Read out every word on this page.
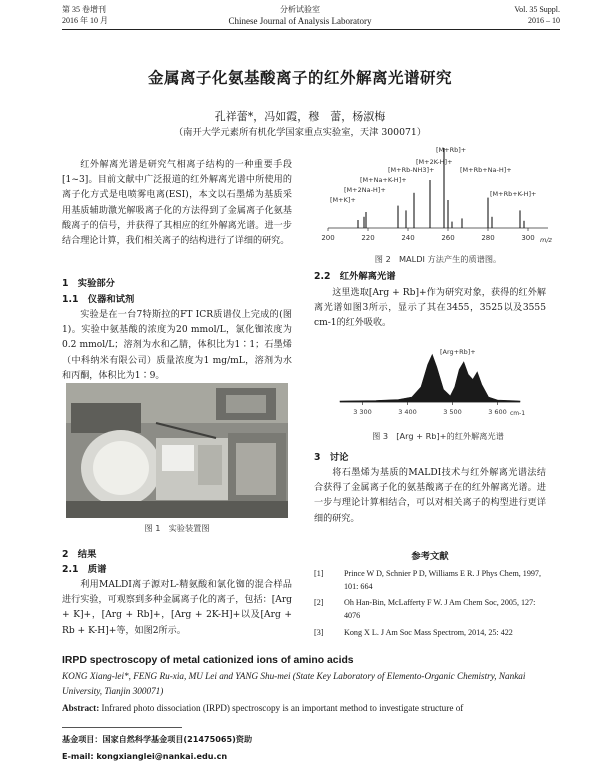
第 35 卷增刊
2016 年 10 月
分析试验室
Chinese Journal of Analysis Laboratory
Vol. 35 Suppl.
2016 – 10
金属离子化氨基酸离子的红外解离光谱研究
孔祥蕾*，冯如霞，穆　蕾，杨淑梅
（南开大学元素所有机化学国家重点实验室，天津 300071）
红外解离光谱是研究气相离子结构的一种重要手段[1~3]。目前文献中广泛报道的红外解离光谱中所使用的离子化方式是电喷雾电离(ESI)，本文以石墨烯为基质采用基质辅助激光解吸离子化的方法得到了金属离子化氨基酸离子的信号，并获得了其相应的红外解离光谱。进一步结合理论计算，我们相关离子的结构进行了详细的研究。
1　实验部分
1.1　仪器和试剂
实验是在一台7特斯拉的FT ICR质谱仪上完成的(图1)。实验中氨基酸的浓度为20 mmol/L，氯化铷浓度为0.2 mmol/L；溶剂为水和乙腈，体积比为1∶1；石墨烯（中科纳米有限公司）质量浓度为1 mg/mL，溶剂为水和丙酮，体积比为1∶9。
图 1　实验装置图
2　结果
2.1　质谱
利用MALDI离子源对L-精氨酸和氯化铷的混合样品进行实验，可观察到多种金属离子化的离子，包括：[Arg + K]+，[Arg + Rb]+，[Arg + 2K-H]+以及[Arg + Rb + K-H]+等，如图2所示。
200	220	240	260	280	300
[M+Rb]+
[M+2K-H]+
[M+Rb-NH3]+	[M+Rb+Na-H]+
[M+Na+K-H]+
[M+2Na-H]+	[M+Rb+K-H]+
[M+K]+
m/z
图 2　MALDI 方法产生的质谱图。
2.2　红外解离光谱
这里选取[Arg + Rb]+作为研究对象，获得的红外解离光谱如图3所示，显示了其在3455，3525以及3555 cm-1的红外吸收。
3 300	3 400	3 500	3 600
[Arg+Rb]+
cm-1
图 3　[Arg + Rb]+的红外解离光谱
3　讨论
将石墨烯为基质的MALDI技术与红外解离光谱法结合获得了金属离子化的氨基酸离子在的红外解离光谱。进一步与理论计算相结合，可以对相关离子的构型进行更详细的研究。
参考文献
[1]	Prince W D, Schnier P D, Williams E R. J Phys Chem, 1997, 101: 664
[2]	Oh Han-Bin, McLafferty F W. J Am Chem Soc, 2005, 127: 4076
[3]	Kong X L. J Am Soc Mass Spectrom, 2014, 25: 422
IRPD spectroscopy of metal cationized ions of amino acids
KONG Xiang-lei*, FENG Ru-xia, MU Lei and YANG Shu-mei (State Key Laboratory of Elemento-Organic Chemistry, Nankai University, Tianjin 300071)
Abstract: Infrared photo dissociation (IRPD) spectroscopy is an important method to investigate structure of
基金项目：国家自然科学基金项目(21475065)资助
E-mail: kongxianglei@nankai.edu.cn
